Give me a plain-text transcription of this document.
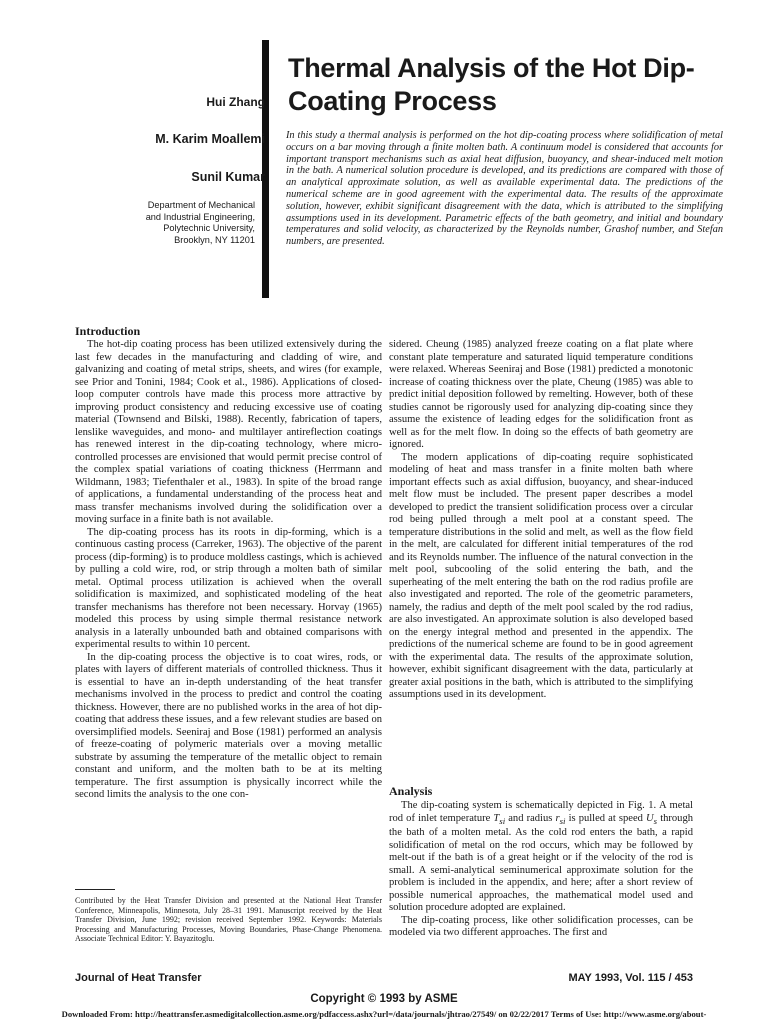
Thermal Analysis of the Hot Dip-Coating Process
Hui Zhang
M. Karim Moallemi
Sunil Kumar
Department of Mechanical
and Industrial Engineering,
Polytechnic University,
Brooklyn, NY 11201
In this study a thermal analysis is performed on the hot dip-coating process where solidification of metal occurs on a bar moving through a finite molten bath. A continuum model is considered that accounts for important transport mechanisms such as axial heat diffusion, buoyancy, and shear-induced melt motion in the bath. A numerical solution procedure is developed, and its predictions are compared with those of an analytical approximate solution, as well as available experimental data. The predictions of the numerical scheme are in good agreement with the experimental data. The results of the approximate solution, however, exhibit significant disagreement with the data, which is attributed to the simplifying assumptions used in its development. Parametric effects of the bath geometry, and initial and boundary temperatures and solid velocity, as characterized by the Reynolds number, Grashof number, and Stefan numbers, are presented.
Introduction

The hot-dip coating process has been utilized extensively during the last few decades in the manufacturing and cladding of wire, and galvanizing and coating of metal strips, sheets, and wires (for example, see Prior and Tonini, 1984; Cook et al., 1986). Applications of closed-loop computer controls have made this process more attractive by improving product consistency and reducing excessive use of coating material (Townsend and Bilski, 1988). Recently, fabrication of tapers, lenslike waveguides, and mono- and multilayer antireflection coatings has renewed interest in the dip-coating technology, where micro-controlled processes are envisioned that would permit precise control of the complex spatial variations of coating thickness (Herrmann and Wildmann, 1983; Tiefenthaler et al., 1983). In spite of the broad range of applications, a fundamental understanding of the process heat and mass transfer mechanisms involved during the solidification over a moving surface in a finite bath is not available.

The dip-coating process has its roots in dip-forming, which is a continuous casting process (Carreker, 1963). The objective of the parent process (dip-forming) is to produce moldless castings, which is achieved by pulling a cold wire, rod, or strip through a molten bath of similar metal. Optimal process utilization is achieved when the overall solidification is maximized, and sophisticated modeling of the heat transfer mechanisms has therefore not been necessary. Horvay (1965) modeled this process by using simple thermal resistance network analysis in a laterally unbounded bath and obtained comparisons with experimental results to within 10 percent.

In the dip-coating process the objective is to coat wires, rods, or plates with layers of different materials of controlled thickness. Thus it is essential to have an in-depth understanding of the heat transfer mechanisms involved in the process to predict and control the coating thickness. However, there are no published works in the area of hot dip-coating that address these issues, and a few relevant studies are based on oversimplified models. Seeniraj and Bose (1981) performed an analysis of freeze-coating of polymeric materials over a moving metallic substrate by assuming the temperature of the metallic object to remain constant and uniform, and the molten bath to be at its melting temperature. The first assumption is physically incorrect while the second limits the analysis to the one con-

Contributed by the Heat Transfer Division and presented at the National Heat Transfer Conference, Minneapolis, Minnesota, July 28–31 1991. Manuscript received by the Heat Transfer Division, June 1992; revision received September 1992. Keywords: Materials Processing and Manufacturing Processes, Moving Boundaries, Phase-Change Phenomena. Associate Technical Editor: Y. Bayazitoglu.

sidered. Cheung (1985) analyzed freeze coating on a flat plate where constant plate temperature and saturated liquid temperature conditions were relaxed. Whereas Seeniraj and Bose (1981) predicted a monotonic increase of coating thickness over the plate, Cheung (1985) was able to predict initial deposition followed by remelting. However, both of these studies cannot be rigorously used for analyzing dip-coating since they assume the existence of leading edges for the solidification front as well as for the melt flow. In doing so the effects of bath geometry are ignored.

The modern applications of dip-coating require sophisticated modeling of heat and mass transfer in a finite molten bath where important effects such as axial diffusion, buoyancy, and shear-induced melt flow must be included. The present paper describes a model developed to predict the transient solidification process over a circular rod being pulled through a melt pool at a constant speed. The temperature distributions in the solid and melt, as well as the flow field in the melt, are calculated for different initial temperatures of the rod and its Reynolds number. The influence of the natural convection in the melt pool, subcooling of the solid entering the bath, and the superheating of the melt entering the bath on the rod radius profile are also investigated and reported. The role of the geometric parameters, namely, the radius and depth of the melt pool scaled by the rod radius, are also investigated. An approximate solution is also developed based on the energy integral method and presented in the appendix. The predictions of the numerical scheme are found to be in good agreement with the experimental data. The results of the approximate solution, however, exhibit significant disagreement with the data, particularly at greater axial positions in the bath, which is attributed to the simplifying assumptions used in its development.

Analysis

The dip-coating system is schematically depicted in Fig. 1. A metal rod of inlet temperature $T_{si}$ and radius $r_{si}$ is pulled at speed $U_s$ through the bath of a molten metal. As the cold rod enters the bath, a rapid solidification of metal on the rod occurs, which may be followed by melt-out if the bath is of a great height or if the velocity of the rod is small. A semi-analytical seminumerical approximate solution for the problem is included in the appendix, and here; after a short review of possible numerical approaches, the mathematical model used and solution procedure adopted are explained.

The dip-coating process, like other solidification processes, can be modeled via two different approaches. The first and

Journal of Heat Transfer	MAY 1993, Vol. 115 / 453
Copyright © 1993 by ASME
Downloaded From: http://heattransfer.asmedigitalcollection.asme.org/pdfaccess.ashx?url=/data/journals/jhtrao/27549/ on 02/22/2017 Terms of Use: http://www.asme.org/about-
